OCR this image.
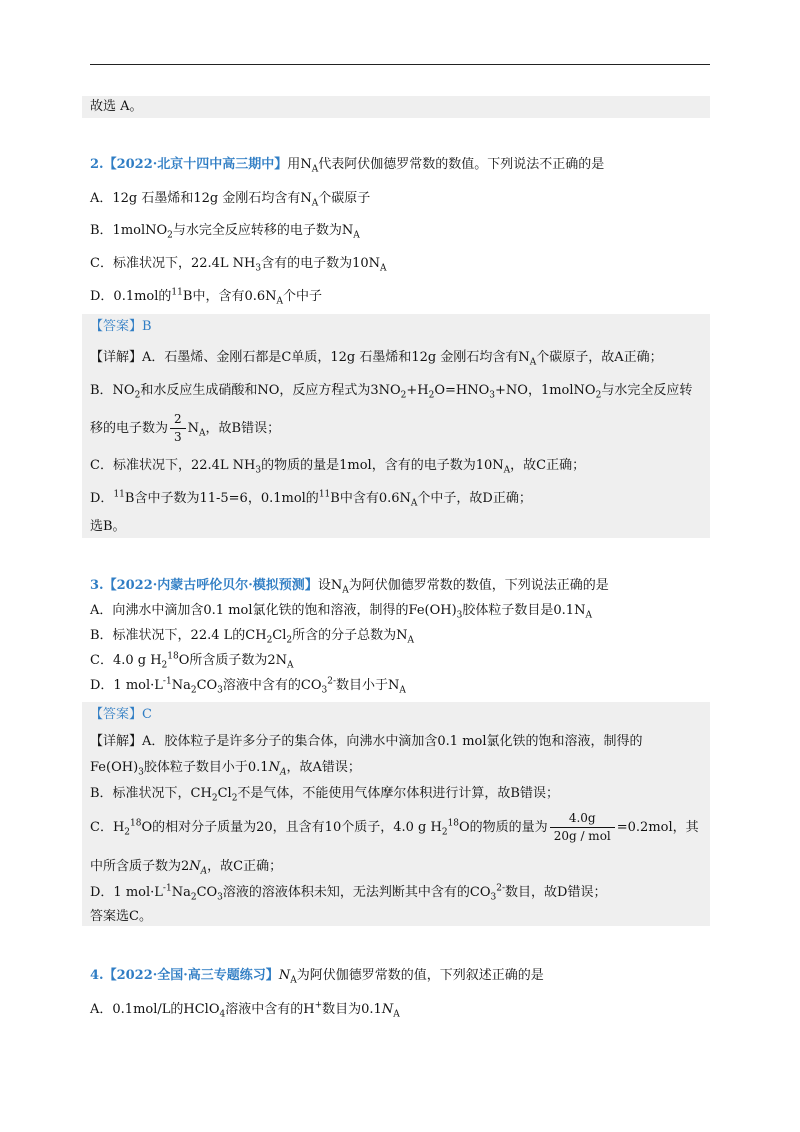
故选 A。
2.【2022·北京十四中高三期中】用$N_A$代表阿伏伽德罗常数的数值。下列说法不正确的是
A．12g 石墨烯和12g 金刚石均含有$N_A$个碳原子
B．1molNO$_2$与水完全反应转移的电子数为$N_A$
C．标准状况下，22.4L $NH_3$含有的电子数为$10N_A$
D．0.1mol的$^{11}$B中，含有$0.6N_A$个中子
【答案】B
【详解】A．石墨烯、金刚石都是C单质，12g 石墨烯和12g 金刚石均含有$N_A$个碳原子，故A正确；
B．$NO_2$和水反应生成硝酸和NO，反应方程式为$3NO_2+H_2O=HNO_3+NO$，1molNO$_2$与水完全反应转
移的电子数为 $\frac{2}{3} N_A$，故B错误；
C．标准状况下，22.4L $NH_3$的物质的量是1mol，含有的电子数为$10N_A$，故C正确；
D．$^{11}$B含中子数为11-5=6，0.1mol的$^{11}$B中含有$0.6N_A$个中子，故D正确；
选B。
3.【2022·内蒙古呼伦贝尔·模拟预测】设$N_A$为阿伏伽德罗常数的数值，下列说法正确的是
A．向沸水中滴加含0.1 mol氯化铁的饱和溶液，制得的$Fe(OH)_3$胶体粒子数目是$0.1N_A$
B．标准状况下，22.4 L的$CH_2Cl_2$所含的分子总数为$N_A$
C．4.0 g $H_2^{18}O$所含质子数为$2N_A$
D．1 $mol\cdot L^{-1}Na_2CO_3$溶液中含有的$CO_3^{2-}$数目小于$N_A$
【答案】C
【详解】A．胶体粒子是许多分子的集合体，向沸水中滴加含0.1 mol氯化铁的饱和溶液，制得的
$Fe(OH)_3$胶体粒子数目小于$0.1N_A$，故A错误；
B．标准状况下，$CH_2Cl_2$不是气体，不能使用气体摩尔体积进行计算，故B错误；
C．$H_2^{18}O$的相对分子质量为20，且含有10个质子，4.0 g $H_2^{18}O$的物质的量为 $\frac{4.0g}{\text{20g / mol}} =0.2mol$，其
中所含质子数为$2N_A$，故C正确；
D．1 $mol\cdot L^{-1}Na_2CO_3$溶液的溶液体积未知，无法判断其中含有的$CO_3^{2-}$数目，故D错误；
答案选C。
4.【2022·全国·高三专题练习】$N_A$为阿伏伽德罗常数的值，下列叙述正确的是
A．0.1mol/L的HClO$_4$溶液中含有的H+数目为$0.1N_A$
